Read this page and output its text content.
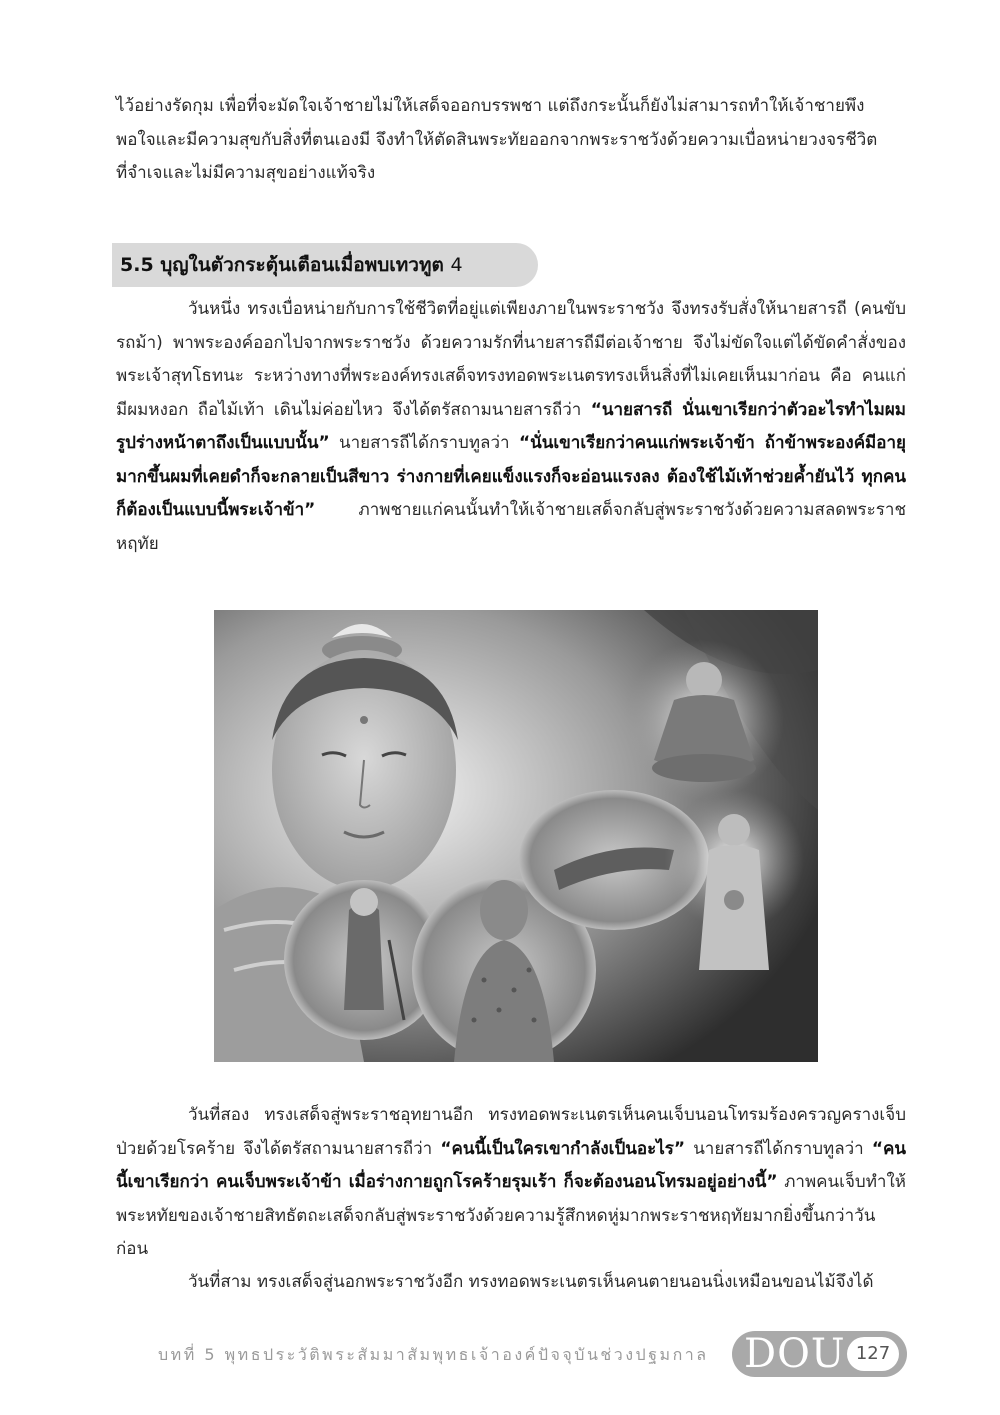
ไว้อย่างรัดกุม เพื่อที่จะมัดใจเจ้าชายไม่ให้เสด็จออกบรรพชา แต่ถึงกระนั้นก็ยังไม่สามารถทำให้เจ้าชายพึง
พอใจและมีความสุขกับสิ่งที่ตนเองมี จึงทำให้ตัดสินพระทัยออกจากพระราชวังด้วยความเบื่อหน่ายวงจรชีวิต
ที่จำเจและไม่มีความสุขอย่างแท้จริง

5.5 บุญในตัวกระตุ้นเตือนเมื่อพบเทวทูต 4

วันหนึ่ง ทรงเบื่อหน่ายกับการใช้ชีวิตที่อยู่แต่เพียงภายในพระราชวัง จึงทรงรับสั่งให้นายสารถี (คนขับรถม้า) พาพระองค์ออกไปจากพระราชวัง ด้วยความรักที่นายสารถีมีต่อเจ้าชาย จึงไม่ขัดใจแต่ได้ขัดคำสั่งของพระเจ้าสุทโธทนะ ระหว่างทางที่พระองค์ทรงเสด็จทรงทอดพระเนตรทรงเห็นสิ่งที่ไม่เคยเห็นมาก่อน คือ คนแก่ มีผมหงอก ถือไม้เท้า เดินไม่ค่อยไหว จึงได้ตรัสถามนายสารถีว่า “นายสารถี นั่นเขาเรียกว่าตัวอะไรทำไมผมรูปร่างหน้าตาถึงเป็นแบบนั้น” นายสารถีได้กราบทูลว่า “นั่นเขาเรียกว่าคนแก่พระเจ้าข้า ถ้าข้าพระองค์มีอายุมากขึ้นผมที่เคยดำก็จะกลายเป็นสีขาว ร่างกายที่เคยแข็งแรงก็จะอ่อนแรงลง ต้องใช้ไม้เท้าช่วยค้ำยันไว้ ทุกคนก็ต้องเป็นแบบนี้พระเจ้าข้า” ภาพชายแก่คนนั้นทำให้เจ้าชายเสด็จกลับสู่พระราชวังด้วยความสลดพระราชหฤทัย

วันที่สอง ทรงเสด็จสู่พระราชอุทยานอีก ทรงทอดพระเนตรเห็นคนเจ็บนอนโทรมร้องครวญครางเจ็บป่วยด้วยโรคร้าย จึงได้ตรัสถามนายสารถีว่า “คนนี้เป็นใครเขากำลังเป็นอะไร” นายสารถีได้กราบทูลว่า “คนนี้เขาเรียกว่า คนเจ็บพระเจ้าข้า เมื่อร่างกายถูกโรคร้ายรุมเร้า ก็จะต้องนอนโทรมอยู่อย่างนี้” ภาพคนเจ็บทำให้พระหทัยของเจ้าชายสิทธัตถะเสด็จกลับสู่พระราชวังด้วยความรู้สึกหดหู่มากพระราชหฤทัยมากยิ่งขึ้นกว่าวันก่อน

วันที่สาม ทรงเสด็จสู่นอกพระราชวังอีก ทรงทอดพระเนตรเห็นคนตายนอนนิ่งเหมือนขอนไม้จึงได้

บทที่ 5 พุทธประวัติพระสัมมาสัมพุทธเจ้าองค์ปัจจุบันช่วงปฐมกาล DOU 127
